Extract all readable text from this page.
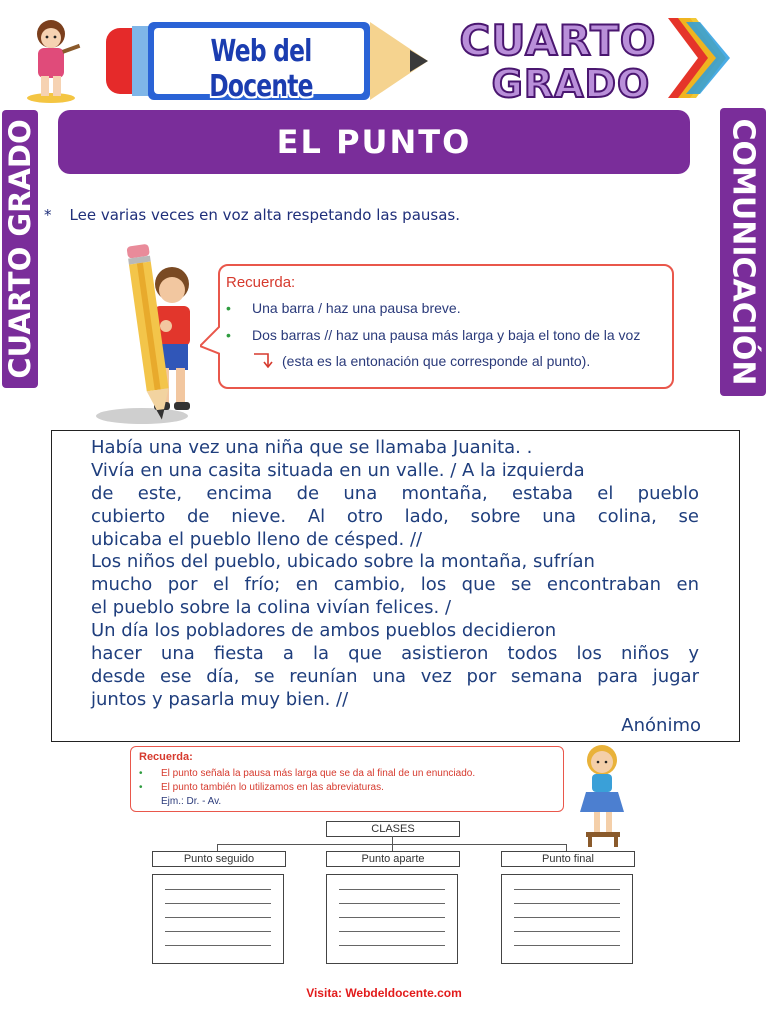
Web del Docente
CUARTO
GRADO
CUARTO GRADO	COMUNICACIÓN
EL PUNTO
* Lee varias veces en voz alta respetando las pausas.
Recuerda:
• Una barra / haz una pausa breve.
• Dos barras // haz una pausa más larga y baja el tono de la voz
(esta es la entonación que corresponde al punto).
Había una vez una niña que se llamaba Juanita. .
Vivía en una casita situada en un valle. / A la izquierda
de este, encima de una montaña, estaba el pueblo
cubierto de nieve. Al otro lado, sobre una colina, se
ubicaba el pueblo lleno de césped. //
Los niños del pueblo, ubicado sobre la montaña, sufrían
mucho por el frío; en cambio, los que se encontraban en
el pueblo sobre la colina vivían felices. /
Un día los pobladores de ambos pueblos decidieron
hacer una fiesta a la que asistieron todos los niños y
desde ese día, se reunían una vez por semana para jugar
juntos y pasarla muy bien. //
Anónimo
Recuerda:
• El punto señala la pausa más larga que se da al final de un enunciado.
• El punto también lo utilizamos en las abreviaturas.
Ejm.: Dr. - Av.
CLASES
Punto seguido	Punto aparte	Punto final
Visita: Webdeldocente.com
